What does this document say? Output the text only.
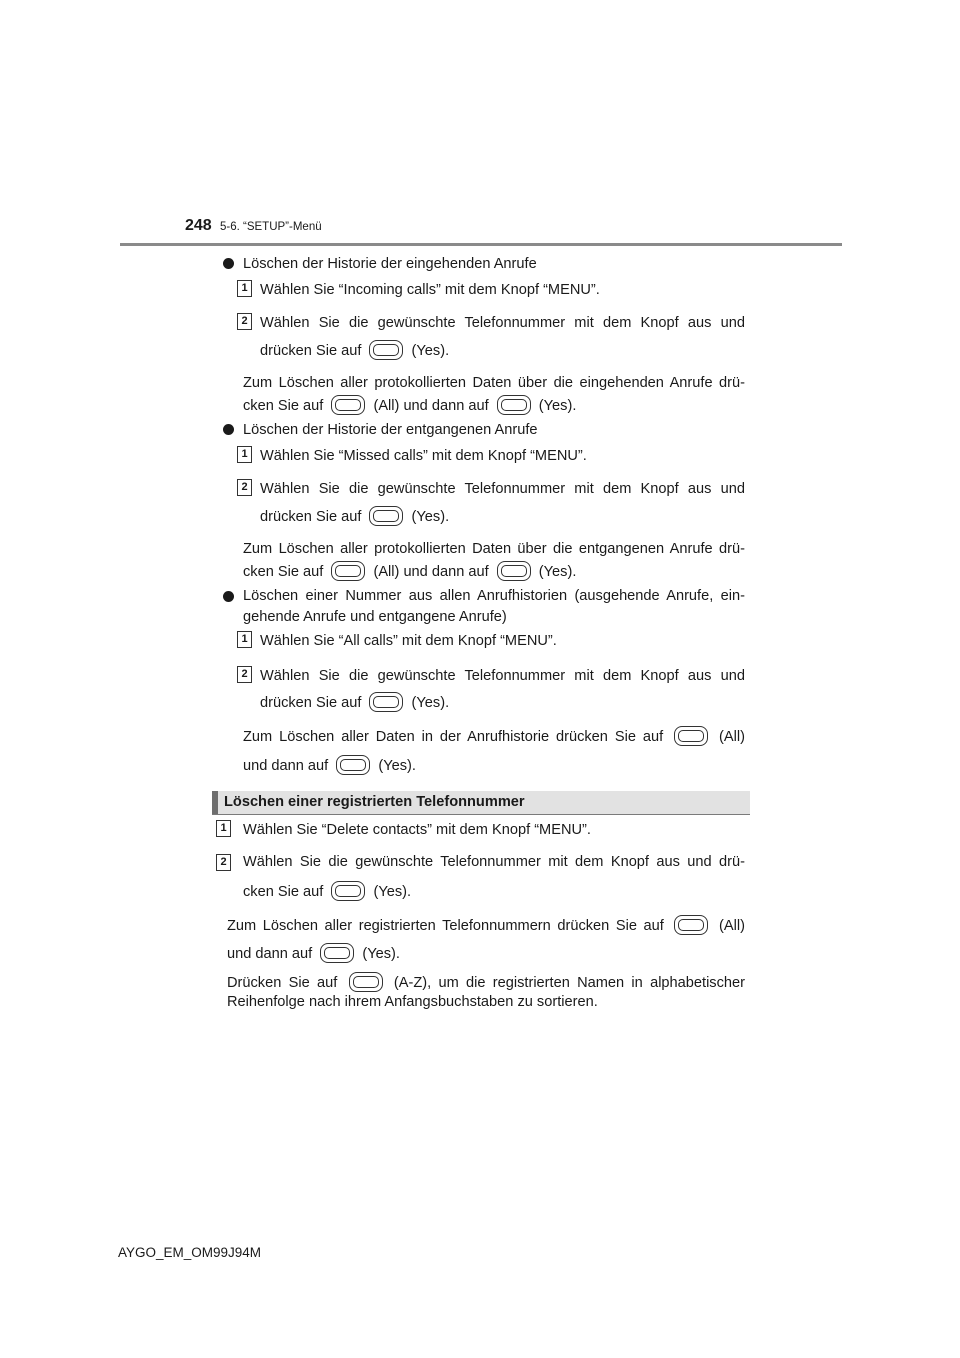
248 5-6. “SETUP”-Menü
Löschen der Historie der eingehenden Anrufe
1 Wählen Sie “Incoming calls” mit dem Knopf “MENU”.
2 Wählen Sie die gewünschte Telefonnummer mit dem Knopf aus und
drücken Sie auf	(Yes).
Zum Löschen aller protokollierten Daten über die eingehenden Anrufe drü-
cken Sie auf	(All) und dann auf	(Yes).
Löschen der Historie der entgangenen Anrufe
1 Wählen Sie “Missed calls” mit dem Knopf “MENU”.
2 Wählen Sie die gewünschte Telefonnummer mit dem Knopf aus und
drücken Sie auf	(Yes).
Zum Löschen aller protokollierten Daten über die entgangenen Anrufe drü-
cken Sie auf	(All) und dann auf	(Yes).
Löschen einer Nummer aus allen Anrufhistorien (ausgehende Anrufe, ein-
gehende Anrufe und entgangene Anrufe)
1 Wählen Sie “All calls” mit dem Knopf “MENU”.
2 Wählen Sie die gewünschte Telefonnummer mit dem Knopf aus und
drücken Sie auf	(Yes).
Zum Löschen aller Daten in der Anrufhistorie drücken Sie auf	(All)
und dann auf	(Yes).
Löschen einer registrierten Telefonnummer
1	Wählen Sie “Delete contacts” mit dem Knopf “MENU”.
2	Wählen Sie die gewünschte Telefonnummer mit dem Knopf aus und drü-
cken Sie auf	(Yes).
Zum Löschen aller registrierten Telefonnummern drücken Sie auf	(All)
und dann auf	(Yes).
Drücken Sie auf	(A-Z), um die registrierten Namen in alphabetischer
Reihenfolge nach ihrem Anfangsbuchstaben zu sortieren.
AYGO_EM_OM99J94M
